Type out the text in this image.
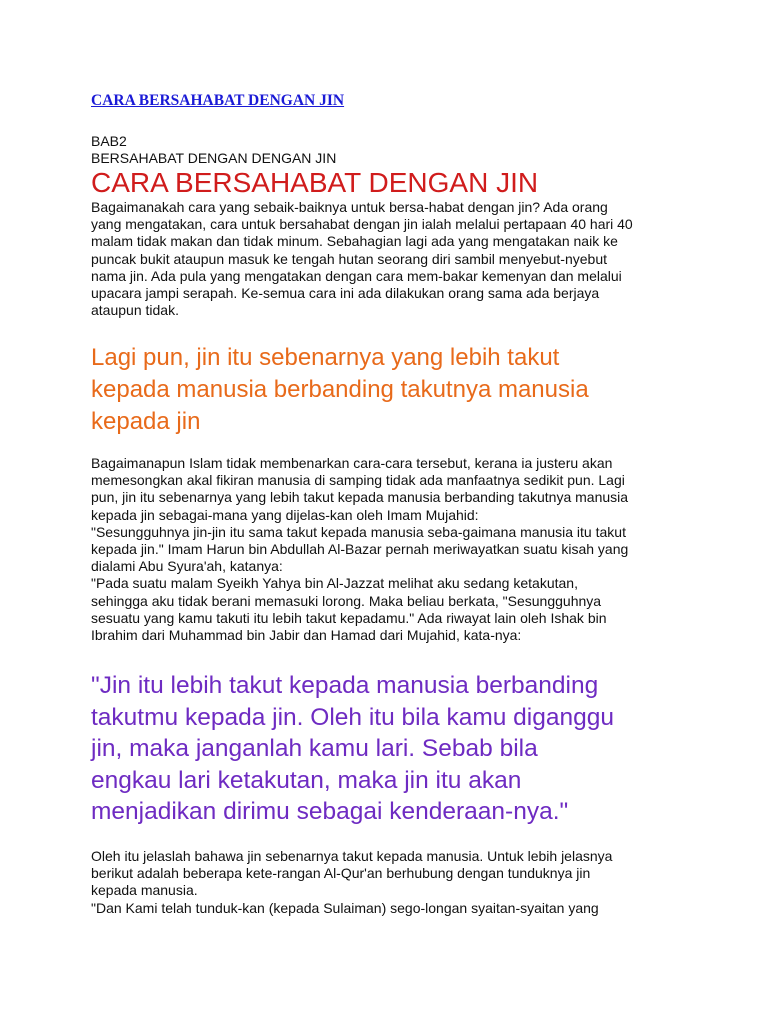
CARA BERSAHABAT DENGAN JIN
BAB2
BERSAHABAT DENGAN DENGAN JIN
CARA BERSAHABAT DENGAN JIN

Bagaimanakah cara yang sebaik-baiknya untuk bersa-habat dengan jin? Ada orang
yang mengatakan, cara untuk bersahabat dengan jin ialah melalui pertapaan 40 hari 40
malam tidak makan dan tidak minum. Sebahagian lagi ada yang mengatakan naik ke
puncak bukit ataupun masuk ke tengah hutan seorang diri sambil menyebut-nyebut
nama jin. Ada pula yang mengatakan dengan cara mem-bakar kemenyan dan melalui
upacara jampi serapah. Ke-semua cara ini ada dilakukan orang sama ada berjaya
ataupun tidak.

Lagi pun, jin itu sebenarnya yang lebih takut
kepada manusia berbanding takutnya manusia
kepada jin

Bagaimanapun Islam tidak membenarkan cara-cara tersebut, kerana ia justeru akan
memesongkan akal fikiran manusia di samping tidak ada manfaatnya sedikit pun. Lagi
pun, jin itu sebenarnya yang lebih takut kepada manusia berbanding takutnya manusia
kepada jin sebagai-mana yang dijelas-kan oleh Imam Mujahid:
"Sesungguhnya jin-jin itu sama takut kepada manusia seba-gaimana manusia itu takut
kepada jin." Imam Harun bin Abdullah Al-Bazar pernah meriwayatkan suatu kisah yang
dialami Abu Syura'ah, katanya:
"Pada suatu malam Syeikh Yahya bin Al-Jazzat melihat aku sedang ketakutan,
sehingga aku tidak berani memasuki lorong. Maka beliau berkata, "Sesungguhnya
sesuatu yang kamu takuti itu lebih takut kepadamu." Ada riwayat lain oleh Ishak bin
Ibrahim dari Muhammad bin Jabir dan Hamad dari Mujahid, kata-nya:

"Jin itu lebih takut kepada manusia berbanding
takutmu kepada jin. Oleh itu bila kamu diganggu
jin, maka janganlah kamu lari. Sebab bila
engkau lari ketakutan, maka jin itu akan
menjadikan dirimu sebagai kenderaan-nya."

Oleh itu jelaslah bahawa jin sebenarnya takut kepada manusia. Untuk lebih jelasnya
berikut adalah beberapa kete-rangan Al-Qur'an berhubung dengan tunduknya jin
kepada manusia.
"Dan Kami telah tunduk-kan (kepada Sulaiman) sego-longan syaitan-syaitan yang
